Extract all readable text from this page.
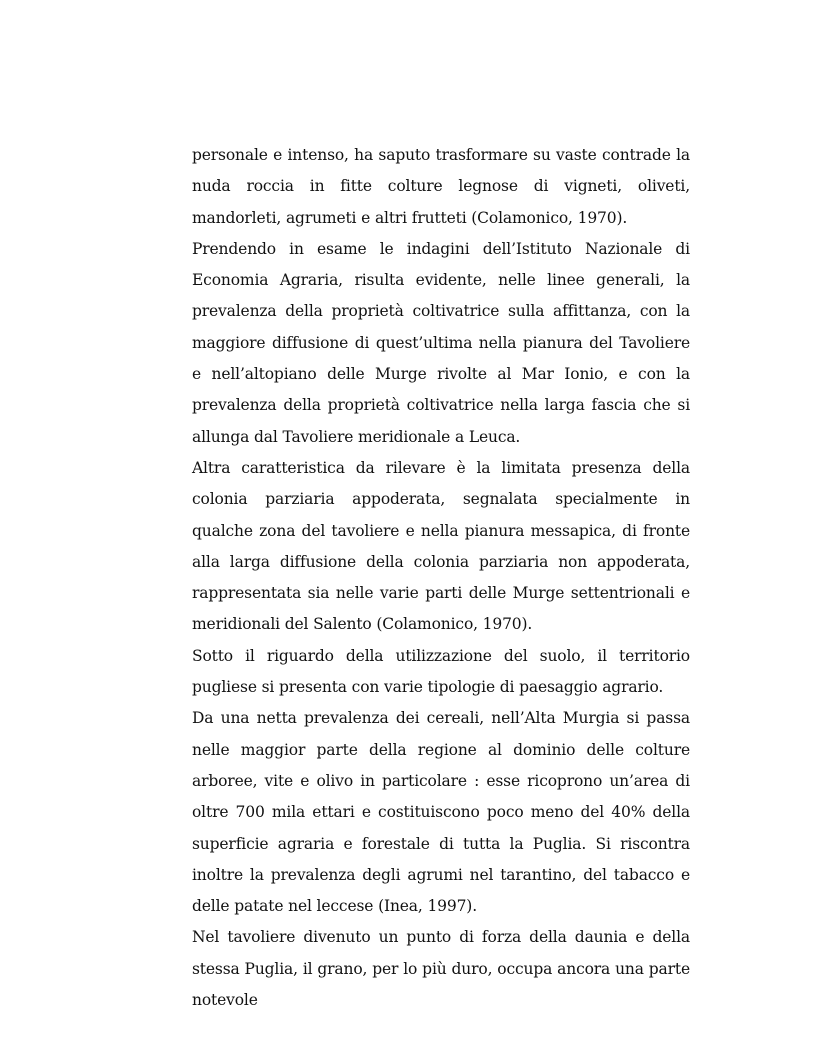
personale e intenso, ha saputo trasformare su vaste contrade la nuda roccia in fitte colture legnose di vigneti, oliveti, mandorleti, agrumeti e altri frutteti (Colamonico, 1970).

Prendendo in esame le indagini dell’Istituto Nazionale di Economia Agraria, risulta evidente, nelle linee generali, la prevalenza della proprietà coltivatrice sulla affittanza, con la maggiore diffusione di quest’ultima nella pianura del Tavoliere e nell’altopiano delle Murge rivolte al Mar Ionio, e con la prevalenza della proprietà coltivatrice nella larga fascia che si allunga dal Tavoliere meridionale a Leuca.

Altra caratteristica da rilevare è la limitata presenza della colonia parziaria appoderata, segnalata specialmente in qualche zona del tavoliere e nella pianura messapica, di fronte alla larga diffusione della colonia parziaria non appoderata, rappresentata sia nelle varie parti delle Murge settentrionali e meridionali del Salento (Colamonico, 1970).

Sotto il riguardo della utilizzazione del suolo, il territorio pugliese si presenta con varie tipologie di paesaggio agrario.

Da una netta prevalenza dei cereali, nell’Alta Murgia si passa nelle maggior parte della regione al dominio delle colture arboree, vite e olivo in particolare : esse ricoprono un’area di oltre 700 mila ettari e costituiscono poco meno del 40% della superficie agraria e forestale di tutta la Puglia. Si riscontra inoltre la prevalenza degli agrumi nel tarantino, del tabacco e delle patate nel leccese (Inea, 1997).

Nel tavoliere divenuto un punto di forza della daunia e della stessa Puglia, il grano, per lo più duro, occupa ancora una parte notevole
